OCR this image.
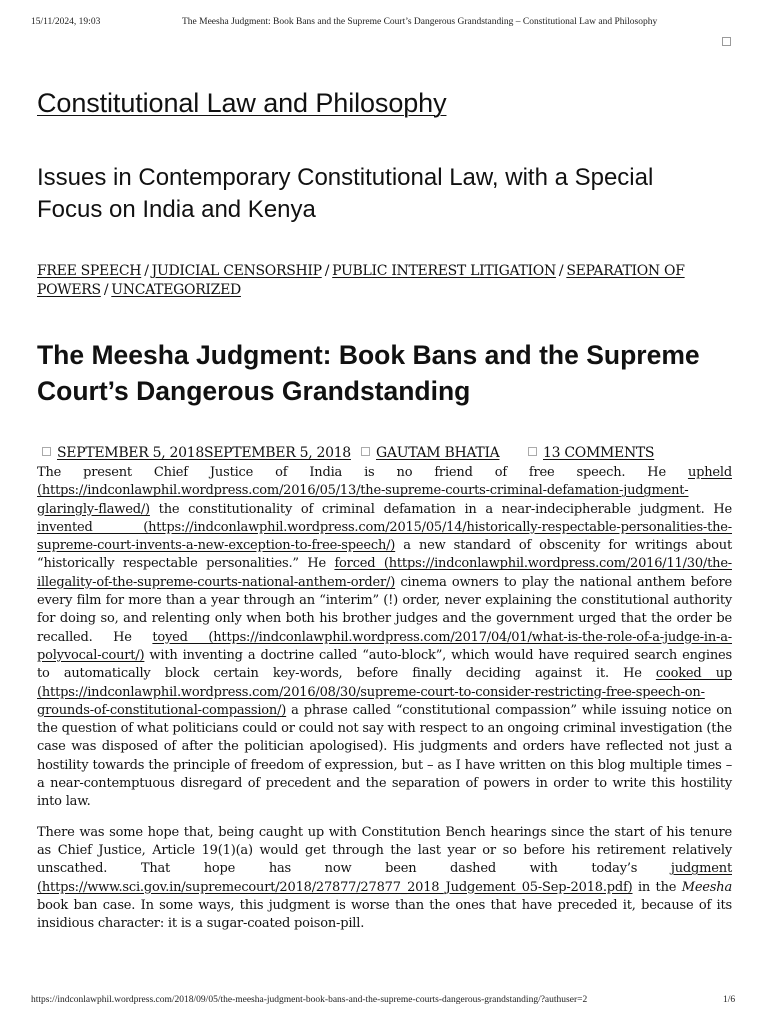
15/11/2024, 19:03	The Meesha Judgment: Book Bans and the Supreme Court’s Dangerous Grandstanding – Constitutional Law and Philosophy
Constitutional Law and Philosophy
Issues in Contemporary Constitutional Law, with a Special Focus on India and Kenya
FREE SPEECH / JUDICIAL CENSORSHIP / PUBLIC INTEREST LITIGATION / SEPARATION OF POWERS / UNCATEGORIZED
The Meesha Judgment: Book Bans and the Supreme Court’s Dangerous Grandstanding
SEPTEMBER 5, 2018SEPTEMBER 5, 2018	GAUTAM BHATIA	13 COMMENTS

The present Chief Justice of India is no friend of free speech. He upheld (https://indconlawphil.wordpress.com/2016/05/13/the-supreme-courts-criminal-defamation-judgment-glaringly-flawed/) the constitutionality of criminal defamation in a near-indecipherable judgment. He invented (https://indconlawphil.wordpress.com/2015/05/14/historically-respectable-personalities-the-supreme-court-invents-a-new-exception-to-free-speech/) a new standard of obscenity for writings about “historically respectable personalities.” He forced (https://indconlawphil.wordpress.com/2016/11/30/the-illegality-of-the-supreme-courts-national-anthem-order/) cinema owners to play the national anthem before every film for more than a year through an “interim” (!) order, never explaining the constitutional authority for doing so, and relenting only when both his brother judges and the government urged that the order be recalled. He toyed (https://indconlawphil.wordpress.com/2017/04/01/what-is-the-role-of-a-judge-in-a-polyvocal-court/) with inventing a doctrine called “auto-block”, which would have required search engines to automatically block certain key-words, before finally deciding against it. He cooked up (https://indconlawphil.wordpress.com/2016/08/30/supreme-court-to-consider-restricting-free-speech-on-grounds-of-constitutional-compassion/) a phrase called “constitutional compassion” while issuing notice on the question of what politicians could or could not say with respect to an ongoing criminal investigation (the case was disposed of after the politician apologised). His judgments and orders have reflected not just a hostility towards the principle of freedom of expression, but – as I have written on this blog multiple times – a near-contemptuous disregard of precedent and the separation of powers in order to write this hostility into law.

There was some hope that, being caught up with Constitution Bench hearings since the start of his tenure as Chief Justice, Article 19(1)(a) would get through the last year or so before his retirement relatively unscathed. That hope has now been dashed with today’s judgment (https://www.sci.gov.in/supremecourt/2018/27877/27877_2018_Judgement_05-Sep-2018.pdf) in the Meesha book ban case. In some ways, this judgment is worse than the ones that have preceded it, because of its insidious character: it is a sugar-coated poison-pill.

https://indconlawphil.wordpress.com/2018/09/05/the-meesha-judgment-book-bans-and-the-supreme-courts-dangerous-grandstanding/?authuser=2	1/6
